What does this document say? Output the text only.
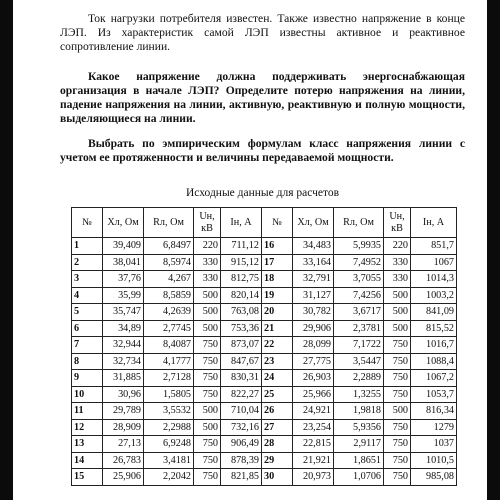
Ток нагрузки потребителя известен. Также известно напряжение в конце ЛЭП. Из характеристик самой ЛЭП известны активное и реактивное сопротивление линии.
Какое напряжение должна поддерживать энергоснабжающая организация в начале ЛЭП? Определите потерю напряжения на линии, падение напряжения на линии, активную, реактивную и полную мощности, выделяющиеся на линии.
Выбрать по эмпирическим формулам класс напряжения линии с учетом ее протяженности и величины передаваемой мощности.
Исходные данные для расчетов
№	Хл, Ом	Rл, Ом	Uн, кВ	Iн, А	№	Хл, Ом	Rл, Ом	Uн, кВ	Iн, А
1	39,409	6,8497	220	711,12	16	34,483	5,9935	220	851,7
2	38,041	8,5974	330	915,12	17	33,164	7,4952	330	1067
3	37,76	4,267	330	812,75	18	32,791	3,7055	330	1014,3
4	35,99	8,5859	500	820,14	19	31,127	7,4256	500	1003,2
5	35,747	4,2639	500	763,08	20	30,782	3,6717	500	841,09
6	34,89	2,7745	500	753,36	21	29,906	2,3781	500	815,52
7	32,944	8,4087	750	873,07	22	28,099	7,1722	750	1016,7
8	32,734	4,1777	750	847,67	23	27,775	3,5447	750	1088,4
9	31,885	2,7128	750	830,31	24	26,903	2,2889	750	1067,2
10	30,96	1,5805	750	822,27	25	25,966	1,3255	750	1053,7
11	29,789	3,5532	500	710,04	26	24,921	1,9818	500	816,34
12	28,909	2,2988	500	732,16	27	23,254	5,9356	750	1279
13	27,13	6,9248	750	906,49	28	22,815	2,9117	750	1037
14	26,783	3,4181	750	878,39	29	21,921	1,8651	750	1010,5
15	25,906	2,2042	750	821,85	30	20,973	1,0706	750	985,08
